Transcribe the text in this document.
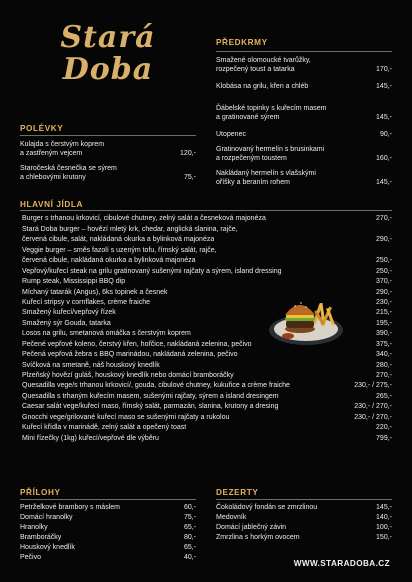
Stará
Doba
PŘEDKRMY
Smažené olomoucké tvarůžky,
rozpečený toust a tatarka	170,-
Klobása na grilu, křen a chléb	145,-
Ďábelské topinky s kuřecím masem
a gratinované sýrem	145,-
Utopenec	90,-
Gratinovaný hermelín s brusinkami
a rozpečeným toustem	160,-
Nakládaný hermelín s vlašskými
oříšky a beraním rohem	145,-
POLÉVKY
Kulajda s čerstvým koprem
a zastřeným vejcem	120,-
Staročeská česnečka se sýrem
a chlebovými krutony	75,-
HLAVNÍ JÍDLA
Burger s trhanou krkovicí, cibulové chutney, zelný salát a česneková majonéza	270,-
Stará Doba burger – hovězí mletý krk, chedar, anglická slanina, rajče,
červená cibule, salát, nakládaná okurka a bylinková majonéza	290,-
Veggie burger – směs fazolí s uzeným tofu, římský salát, rajče,
červená cibule, nakládaná okurka a bylinková majonéza	250,-
Vepřový/kuřecí steak na grilu gratinovaný sušenými rajčaty a sýrem, island dressing	250,-
Rump steak, Mississippi BBQ dip	370,-
Míchaný tatarák (Angus), 6ks topinek a česnek	290,-
Kuřecí stripsy v cornflakes, crème fraiche	230,-
Smažený kuřecí/vepřový řízek	215,-
Smažený sýr Gouda, tatarka	195,-
Losos na grilu, smetanová omáčka s čerstvým koprem	390,-
Pečené vepřové koleno, čerstvý křen, hořčice, nakládaná zelenina, pečivo	375,-
Pečená vepřová žebra s BBQ marinádou, nakládaná zelenina, pečivo	340,-
Svíčková na smetaně, náš houskový knedlík	280,-
Plzeňský hovězí guláš, houskový knedlík nebo domácí bramboráčky	270,-
Quesadilla vege/s trhanou krkovicí/, gouda, cibulové chutney, kukuřice a crème fraiche	230,- / 275,-
Quesadilla s trhaným kuřecím masem, sušenými rajčaty, sýrem a island dresingem	265,-
Caesar salát vege/kuřecí maso, římský salát, parmazán, slanina, krutony a dresing	230,- / 270,-
Gnocchi vege/grilované kuřecí maso se sušenými rajčaty a rukolou	230,- / 270,-
Kuřecí křídla v marinádě, zelný salát a opečený toast	220,-
Mini řízečky (1kg) kuřecí/vepřové dle výběru	799,-
PŘÍLOHY
Petrželkové brambory s máslem	60,-
Domácí hranolky	75,-
Hranolky	65,-
Bramboráčky	80,-
Houskový knedlík	65,-
Pečivo	40,-
DEZERTY
Čokoládový fondán se zmrzlinou	145,-
Medovník	140,-
Domácí jablečný závin	100,-
Zmrzlina s horkým ovocem	150,-
WWW.STARADOBA.CZ
